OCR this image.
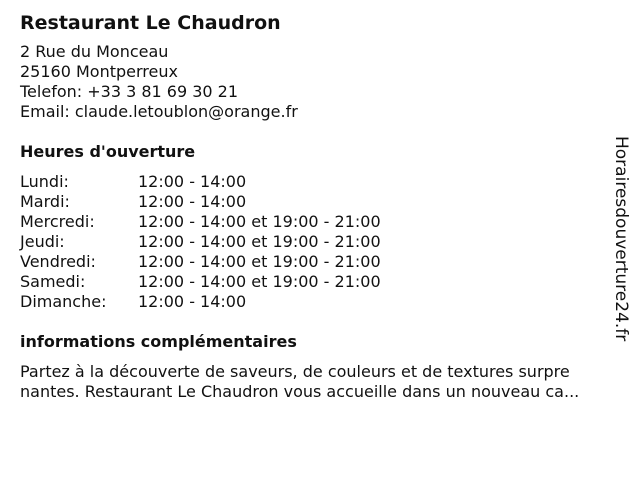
Restaurant Le Chaudron
2 Rue du Monceau
25160 Montperreux
Telefon: +33 3 81 69 30 21
Email: claude.letoublon@orange.fr
Heures d'ouverture
Lundi:	12:00 - 14:00
Mardi:	12:00 - 14:00
Mercredi:	12:00 - 14:00 et 19:00 - 21:00
Jeudi:	12:00 - 14:00 et 19:00 - 21:00
Vendredi:	12:00 - 14:00 et 19:00 - 21:00
Samedi:	12:00 - 14:00 et 19:00 - 21:00
Dimanche:	12:00 - 14:00
informations complémentaires
Partez à la découverte de saveurs, de couleurs et de textures surpre
nantes. Restaurant Le Chaudron vous accueille dans un nouveau ca...
Horairesdouverture24.fr
